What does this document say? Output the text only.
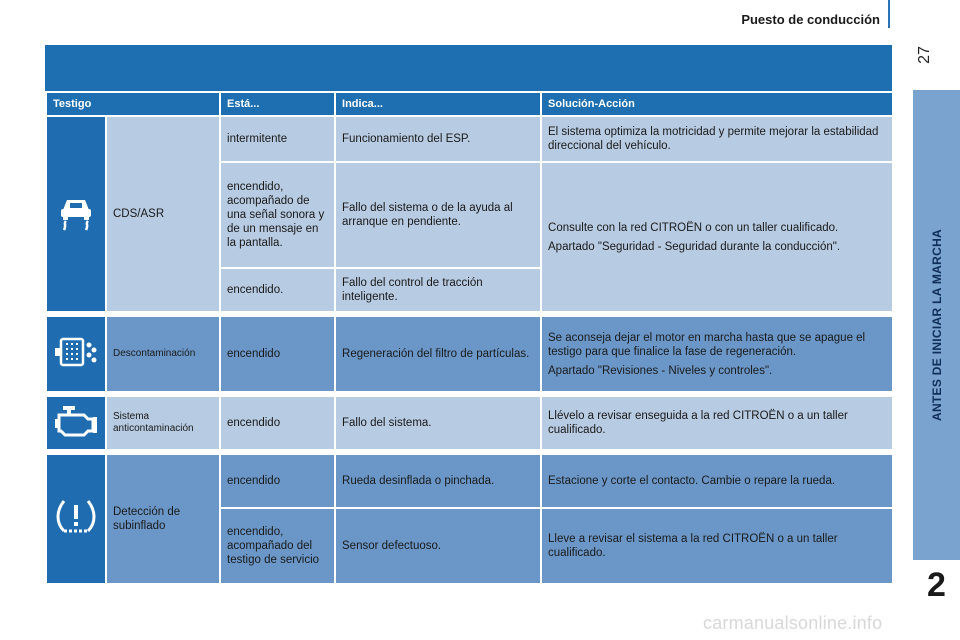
Puesto de conducción
27
ANTES DE INICIAR LA MARCHA
2
Testigo		Está...	Indica...	Solución-Acción
	CDS/ASR	intermitente	Funcionamiento del ESP.	El sistema optimiza la motricidad y permite mejorar la estabilidad direccional del vehículo.

		encendido, acompañado de una señal sonora y de un mensaje en la pantalla.	Fallo del sistema o de la ayuda al arranque en pendiente.	Consulte con la red CITROËN o con un taller cualificado.

Apartado "Seguridad - Seguridad durante la conducción".

		encendido.	Fallo del control de tracción inteligente.	

	Descontaminación	encendido	Regeneración del filtro de partículas.	Se aconseja dejar el motor en marcha hasta que se apague el testigo para que finalice la fase de regeneración.

Apartado "Revisiones - Niveles y controles".

	Sistema anticontaminación	encendido	Fallo del sistema.	Llévelo a revisar enseguida a la red CITROËN o a un taller cualificado.

	Detección de subinflado	encendido	Rueda desinflada o pinchada.	Estacione y corte el contacto. Cambie o repare la rueda.

		encendido, acompañado del testigo de servicio	Sensor defectuoso.	Lleve a revisar el sistema a la red CITROËN o a un taller cualificado.

carmanualsonline.info
